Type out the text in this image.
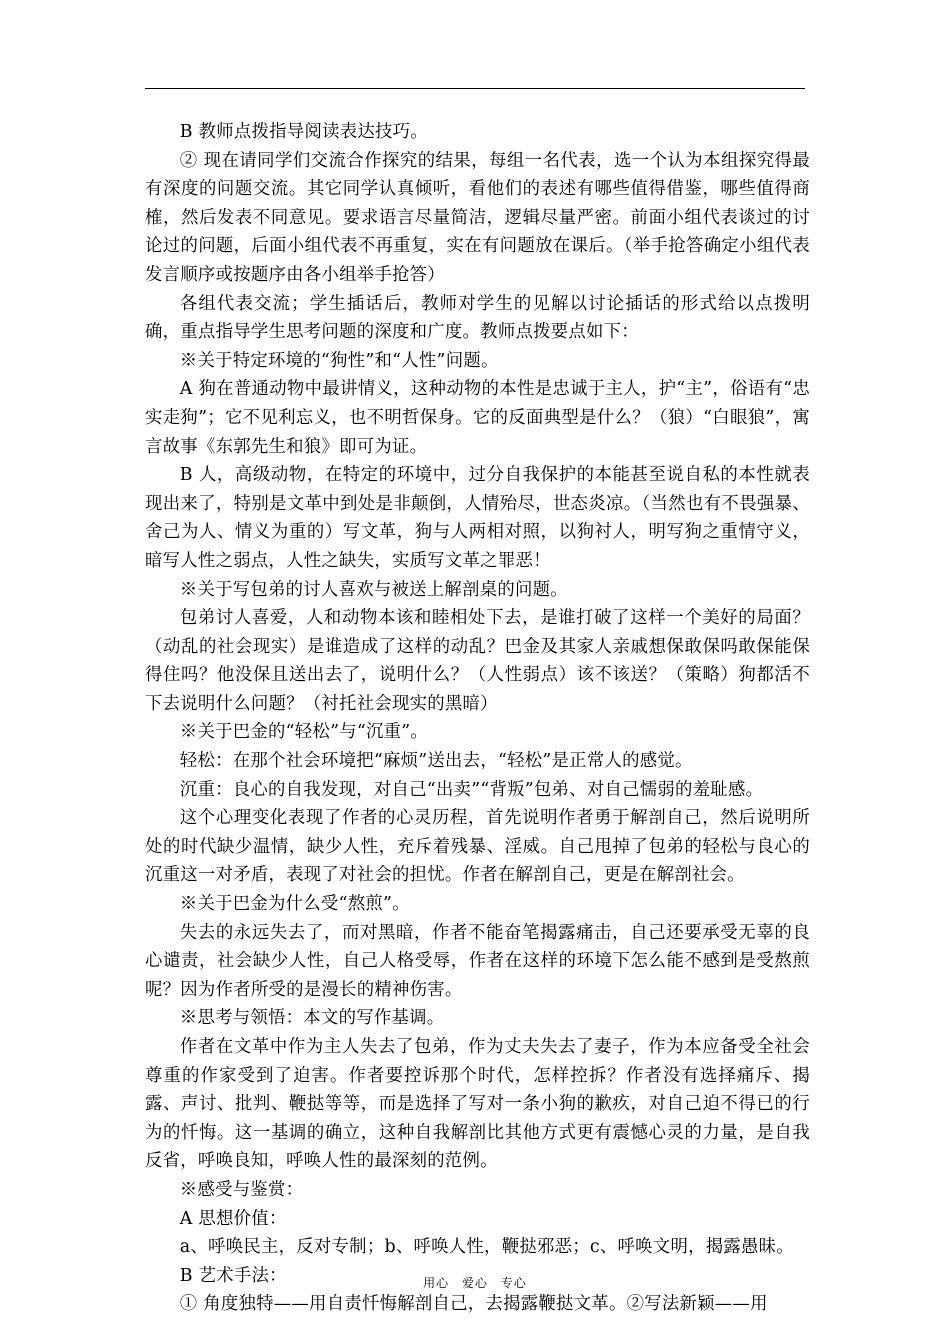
B 教师点拨指导阅读表达技巧。

② 现在请同学们交流合作探究的结果，每组一名代表，选一个认为本组探究得最有深度的问题交流。其它同学认真倾听，看他们的表述有哪些值得借鉴，哪些值得商榷，然后发表不同意见。要求语言尽量简洁，逻辑尽量严密。前面小组代表谈过的讨论过的问题，后面小组代表不再重复，实在有问题放在课后。（举手抢答确定小组代表发言顺序或按题序由各小组举手抢答）

各组代表交流；学生插话后，教师对学生的见解以讨论插话的形式给以点拨明确，重点指导学生思考问题的深度和广度。教师点拨要点如下：

※关于特定环境的“狗性”和“人性”问题。

A 狗在普通动物中最讲情义，这种动物的本性是忠诚于主人，护“主”，俗语有“忠实走狗”；它不见利忘义，也不明哲保身。它的反面典型是什么？（狼）“白眼狼”，寓言故事《东郭先生和狼》即可为证。

B 人，高级动物，在特定的环境中，过分自我保护的本能甚至说自私的本性就表现出来了，特别是文革中到处是非颠倒，人情殆尽，世态炎凉。（当然也有不畏强暴、舍己为人、情义为重的）写文革，狗与人两相对照，以狗衬人，明写狗之重情守义，暗写人性之弱点，人性之缺失，实质写文革之罪恶！

※关于写包弟的讨人喜欢与被送上解剖桌的问题。

包弟讨人喜爱，人和动物本该和睦相处下去，是谁打破了这样一个美好的局面？（动乱的社会现实）是谁造成了这样的动乱？巴金及其家人亲戚想保敢保吗敢保能保得住吗？他没保且送出去了，说明什么？（人性弱点）该不该送？（策略）狗都活不下去说明什么问题？（衬托社会现实的黑暗）

※关于巴金的“轻松”与“沉重”。

轻松：在那个社会环境把“麻烦”送出去，“轻松”是正常人的感觉。

沉重：良心的自我发现，对自己“出卖”“背叛”包弟、对自己懦弱的羞耻感。

这个心理变化表现了作者的心灵历程，首先说明作者勇于解剖自己，然后说明所处的时代缺少温情，缺少人性，充斥着残暴、淫威。自己甩掉了包弟的轻松与良心的沉重这一对矛盾，表现了对社会的担忧。作者在解剖自己，更是在解剖社会。

※关于巴金为什么受“熬煎”。

失去的永远失去了，而对黑暗，作者不能奋笔揭露痛击，自己还要承受无辜的良心谴责，社会缺少人性，自己人格受辱，作者在这样的环境下怎么能不感到是受熬煎呢？因为作者所受的是漫长的精神伤害。

※思考与领悟：本文的写作基调。

作者在文革中作为主人失去了包弟，作为丈夫失去了妻子，作为本应备受全社会尊重的作家受到了迫害。作者要控诉那个时代，怎样控拆？作者没有选择痛斥、揭露、声讨、批判、鞭挞等等，而是选择了写对一条小狗的歉疚，对自己迫不得已的行为的忏悔。这一基调的确立，这种自我解剖比其他方式更有震憾心灵的力量，是自我反省，呼唤良知，呼唤人性的最深刻的范例。

※感受与鉴赏：

A 思想价值：

a、呼唤民主，反对专制；b、呼唤人性，鞭挞邪恶；c、呼唤文明，揭露愚昧。

B 艺术手法：

① 角度独特——用自责忏悔解剖自己，去揭露鞭挞文革。②写法新颖——用

用心 爱心 专心
